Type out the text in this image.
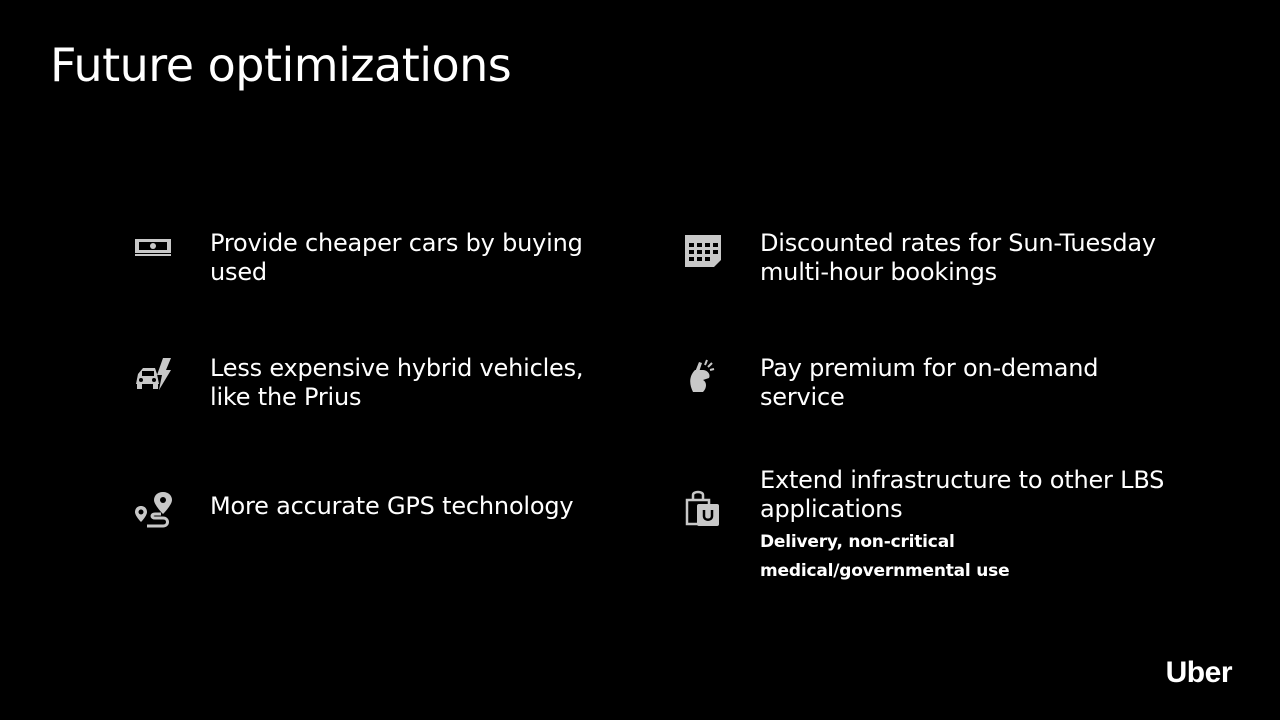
Future optimizations
Provide cheaper cars by buying used
Discounted rates for Sun-Tuesday multi-hour bookings
Less expensive hybrid vehicles, like the Prius
Pay premium for on-demand service
More accurate GPS technology
Extend infrastructure to other LBS applications
Delivery, non-critical medical/governmental use
Uber
